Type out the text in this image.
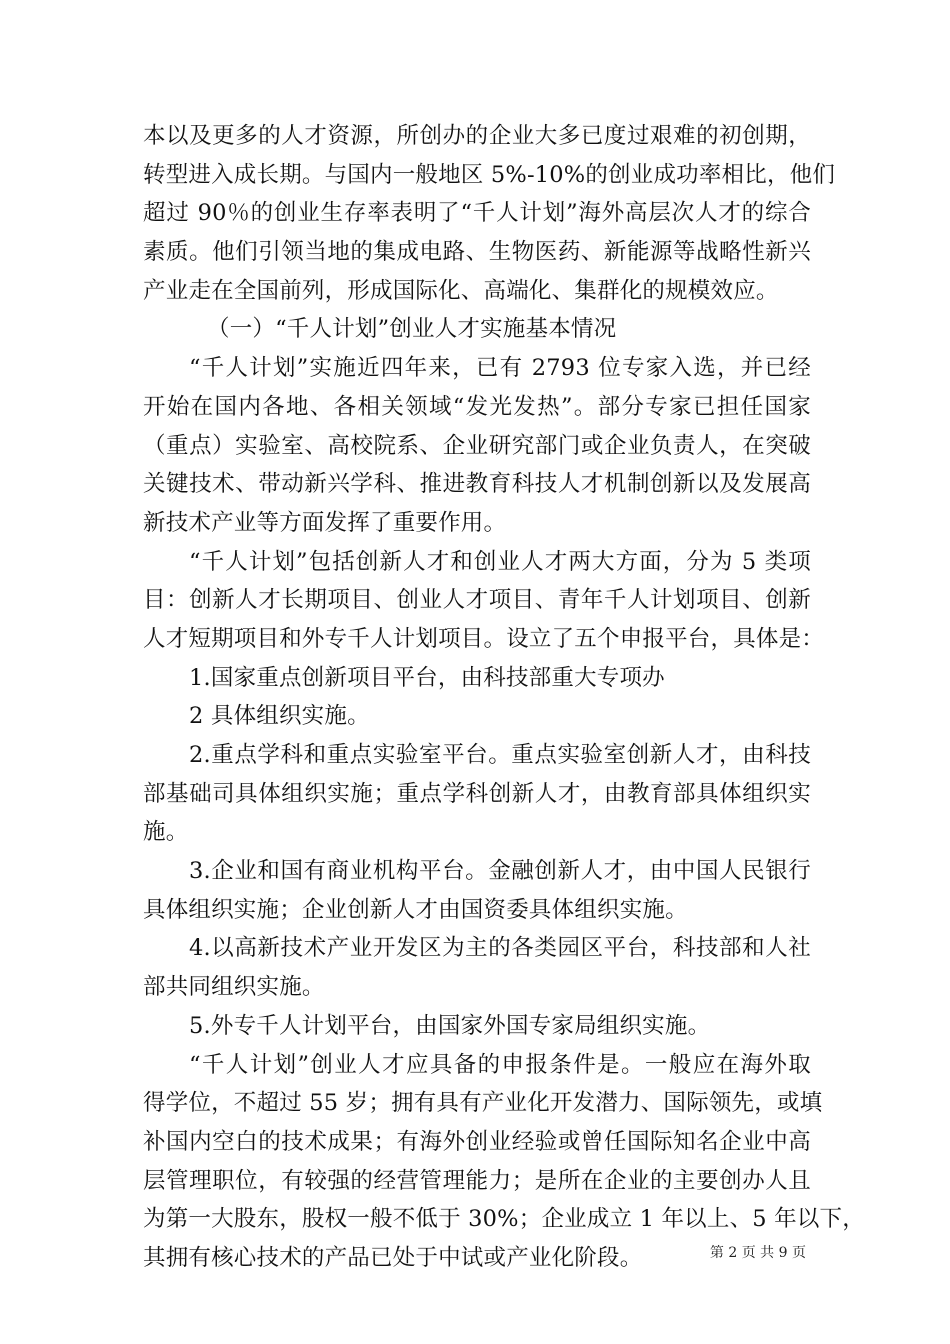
本以及更多的人才资源，所创办的企业大多已度过艰难的初创期，
转型进入成长期。与国内一般地区 5%-10%的创业成功率相比，他们
超过 90％的创业生存率表明了“千人计划”海外高层次人才的综合
素质。他们引领当地的集成电路、生物医药、新能源等战略性新兴
产业走在全国前列，形成国际化、高端化、集群化的规模效应。
（一）“千人计划”创业人才实施基本情况
“千人计划”实施近四年来，已有 2793 位专家入选，并已经
开始在国内各地、各相关领域“发光发热”。部分专家已担任国家
（重点）实验室、高校院系、企业研究部门或企业负责人，在突破
关键技术、带动新兴学科、推进教育科技人才机制创新以及发展高
新技术产业等方面发挥了重要作用。
“千人计划”包括创新人才和创业人才两大方面，分为 5 类项
目：创新人才长期项目、创业人才项目、青年千人计划项目、创新
人才短期项目和外专千人计划项目。设立了五个申报平台，具体是：
1.国家重点创新项目平台，由科技部重大专项办
2 具体组织实施。
2.重点学科和重点实验室平台。重点实验室创新人才，由科技
部基础司具体组织实施；重点学科创新人才，由教育部具体组织实
施。
3.企业和国有商业机构平台。金融创新人才，由中国人民银行
具体组织实施；企业创新人才由国资委具体组织实施。
4.以高新技术产业开发区为主的各类园区平台，科技部和人社
部共同组织实施。
5.外专千人计划平台，由国家外国专家局组织实施。
“千人计划”创业人才应具备的申报条件是。一般应在海外取
得学位，不超过 55 岁；拥有具有产业化开发潜力、国际领先，或填
补国内空白的技术成果；有海外创业经验或曾任国际知名企业中高
层管理职位，有较强的经营管理能力；是所在企业的主要创办人且
为第一大股东，股权一般不低于 30%；企业成立 1 年以上、5 年以下，
其拥有核心技术的产品已处于中试或产业化阶段。	第 2 页 共 9 页
